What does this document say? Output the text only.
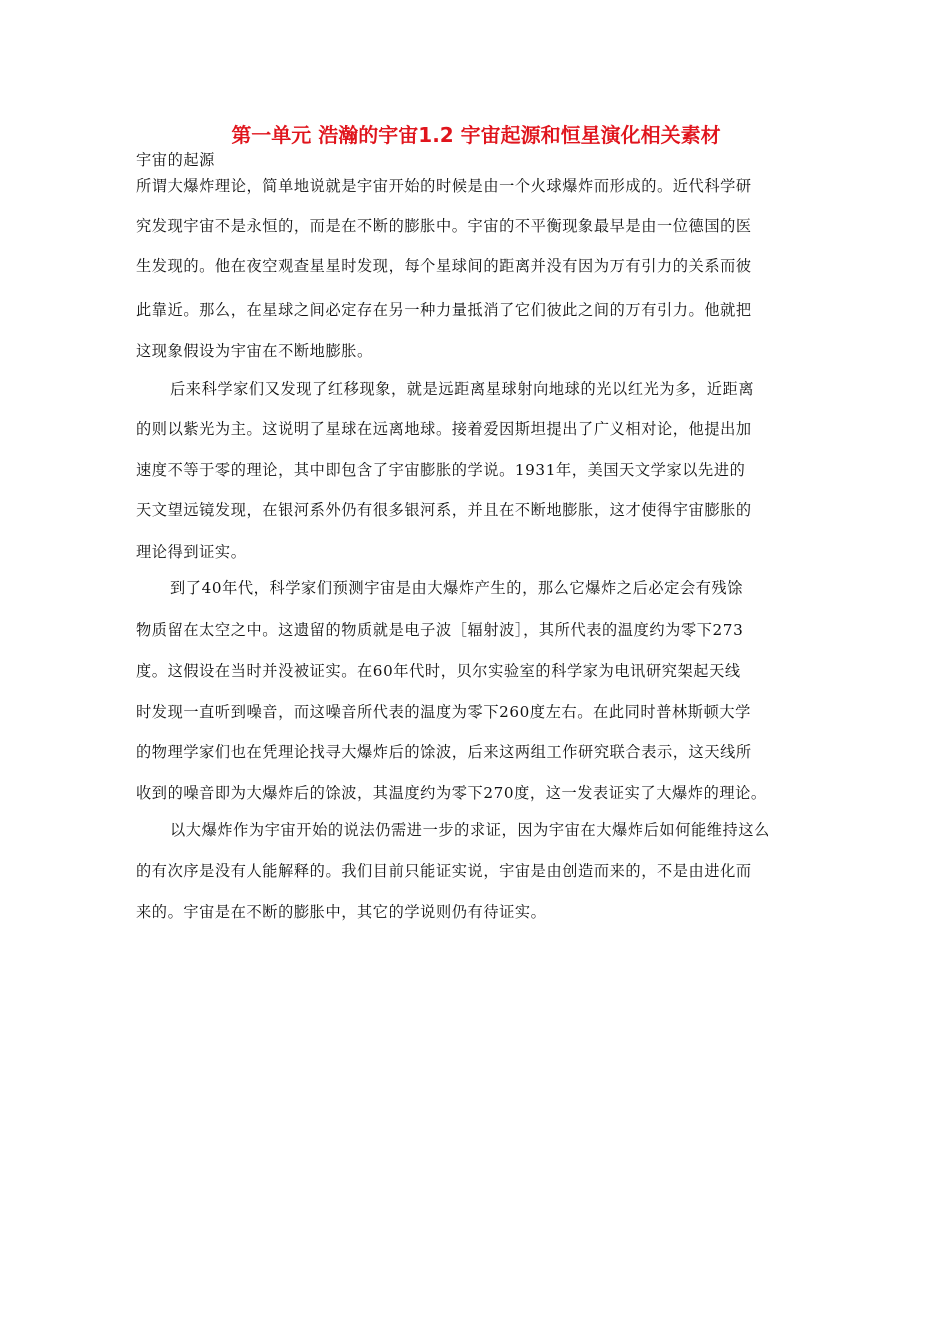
第一单元 浩瀚的宇宙1.2 宇宙起源和恒星演化相关素材
宇宙的起源
所谓大爆炸理论，简单地说就是宇宙开始的时候是由一个火球爆炸而形成的。近代科学研
究发现宇宙不是永恒的，而是在不断的膨胀中。宇宙的不平衡现象最早是由一位德国的医
生发现的。他在夜空观查星星时发现，每个星球间的距离并没有因为万有引力的关系而彼
此靠近。那么，在星球之间必定存在另一种力量抵消了它们彼此之间的万有引力。他就把
这现象假设为宇宙在不断地膨胀。
后来科学家们又发现了红移现象，就是远距离星球射向地球的光以红光为多，近距离
的则以紫光为主。这说明了星球在远离地球。接着爱因斯坦提出了广义相对论，他提出加
速度不等于零的理论，其中即包含了宇宙膨胀的学说。1931年，美国天文学家以先进的
天文望远镜发现，在银河系外仍有很多银河系，并且在不断地膨胀，这才使得宇宙膨胀的
理论得到证实。
到了40年代，科学家们预测宇宙是由大爆炸产生的，那么它爆炸之后必定会有残馀
物质留在太空之中。这遗留的物质就是电子波［辐射波］，其所代表的温度约为零下273
度。这假设在当时并没被证实。在60年代时，贝尔实验室的科学家为电讯研究架起天线
时发现一直听到噪音，而这噪音所代表的温度为零下260度左右。在此同时普林斯顿大学
的物理学家们也在凭理论找寻大爆炸后的馀波，后来这两组工作研究联合表示，这天线所
收到的噪音即为大爆炸后的馀波，其温度约为零下270度，这一发表证实了大爆炸的理论。
以大爆炸作为宇宙开始的说法仍需进一步的求证，因为宇宙在大爆炸后如何能维持这么
的有次序是没有人能解释的。我们目前只能证实说，宇宙是由创造而来的，不是由进化而
来的。宇宙是在不断的膨胀中，其它的学说则仍有待证实。
